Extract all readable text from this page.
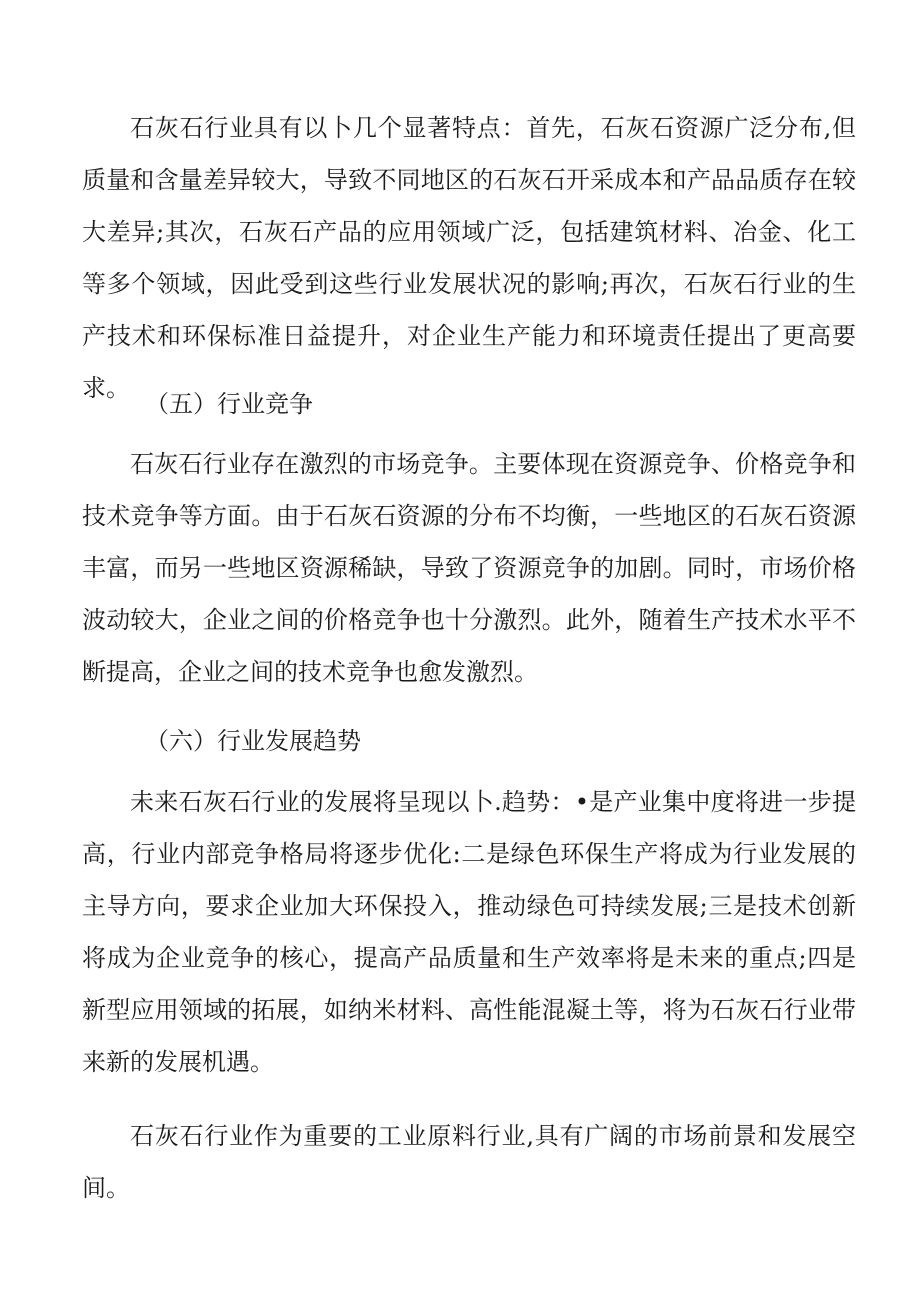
石灰石行业具有以卜几个显著特点：首先，石灰石资源广泛分布,但质量和含量差异较大，导致不同地区的石灰石开采成本和产品品质存在较大差异;其次，石灰石产品的应用领域广泛，包括建筑材料、冶金、化工等多个领域，因此受到这些行业发展状况的影响;再次，石灰石行业的生产技术和环保标准日益提升，对企业生产能力和环境责任提出了更高要求。

（五）行业竞争

石灰石行业存在激烈的市场竞争。主要体现在资源竞争、价格竞争和技术竞争等方面。由于石灰石资源的分布不均衡，一些地区的石灰石资源丰富，而另一些地区资源稀缺，导致了资源竞争的加剧。同时，市场价格波动较大，企业之间的价格竞争也十分激烈。此外，随着生产技术水平不断提高，企业之间的技术竞争也愈发激烈。

（六）行业发展趋势

未来石灰石行业的发展将呈现以卜.趋势：•是产业集中度将进一步提高，行业内部竞争格局将逐步优化:二是绿色环保生产将成为行业发展的主导方向，要求企业加大环保投入，推动绿色可持续发展;三是技术创新将成为企业竞争的核心，提高产品质量和生产效率将是未来的重点;四是新型应用领域的拓展，如纳米材料、高性能混凝土等，将为石灰石行业带来新的发展机遇。

石灰石行业作为重要的工业原料行业,具有广阔的市场前景和发展空间。
